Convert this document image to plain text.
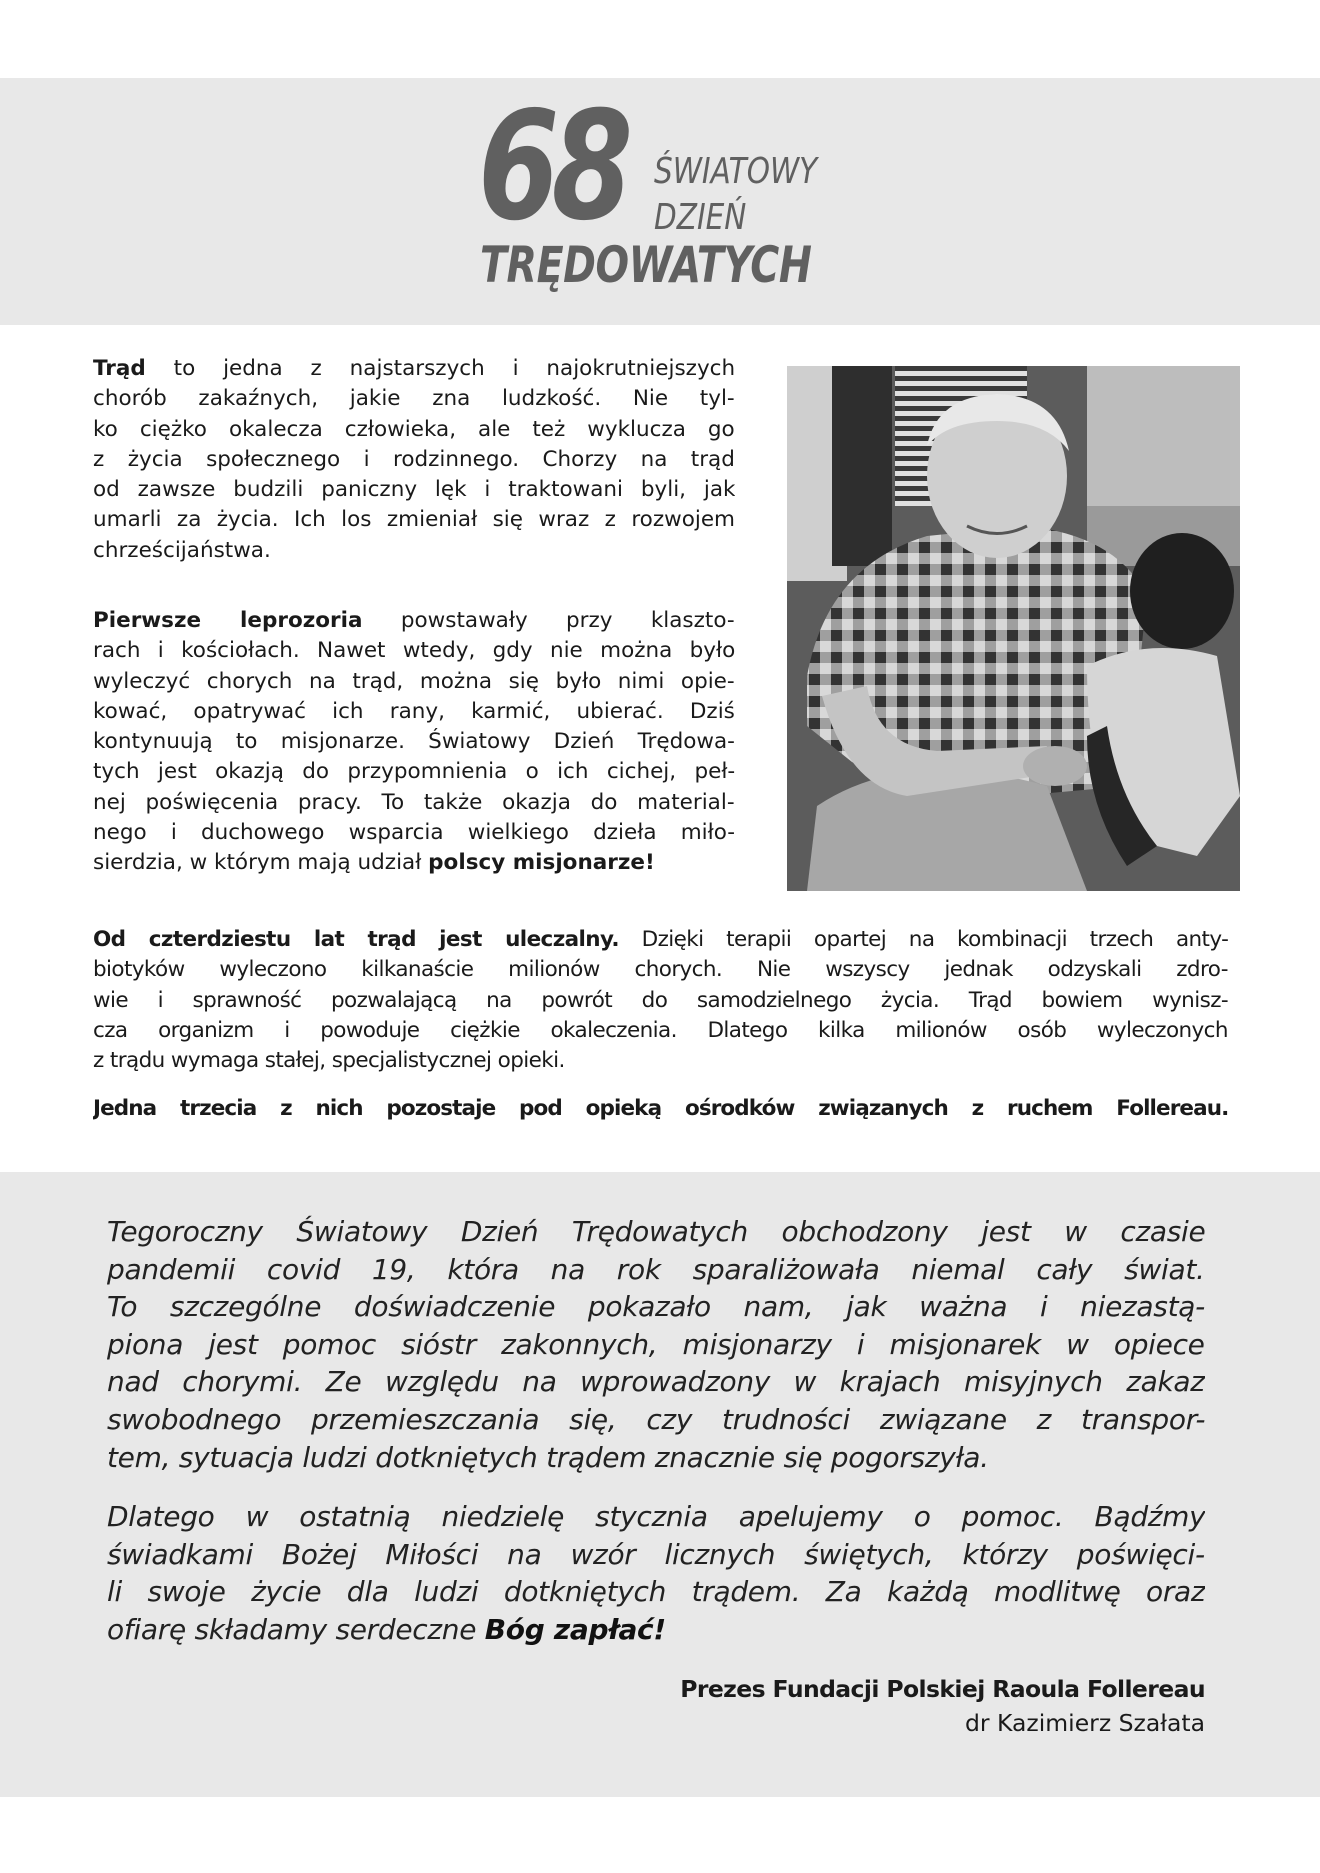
68 ŚWIATOWY
DZIEŃ
TRĘDOWATYCH
Trąd to jedna z najstarszych i najokrutniejszych
chorób zakaźnych, jakie zna ludzkość. Nie tyl-
ko ciężko okalecza człowieka, ale też wyklucza go
z życia społecznego i rodzinnego. Chorzy na trąd
od zawsze budzili paniczny lęk i traktowani byli, jak
umarli za życia. Ich los zmieniał się wraz z rozwojem
chrześcijaństwa.
Pierwsze leprozoria powstawały przy klaszto-
rach i kościołach. Nawet wtedy, gdy nie można było
wyleczyć chorych na trąd, można się było nimi opie-
kować, opatrywać ich rany, karmić, ubierać. Dziś
kontynuują to misjonarze. Światowy Dzień Trędowa-
tych jest okazją do przypomnienia o ich cichej, peł-
nej poświęcenia pracy. To także okazja do material-
nego i duchowego wsparcia wielkiego dzieła miło-
sierdzia, w którym mają udział polscy misjonarze!
Od czterdziestu lat trąd jest uleczalny. Dzięki terapii opartej na kombinacji trzech anty-
biotyków wyleczono kilkanaście milionów chorych. Nie wszyscy jednak odzyskali zdro-
wie i sprawność pozwalającą na powrót do samodzielnego życia. Trąd bowiem wynisz-
cza organizm i powoduje ciężkie okaleczenia. Dlatego kilka milionów osób wyleczonych
z trądu wymaga stałej, specjalistycznej opieki.
Jedna trzecia z nich pozostaje pod opieką ośrodków związanych z ruchem Follereau.
Tegoroczny Światowy Dzień Trędowatych obchodzony jest w czasie
pandemii covid 19, która na rok sparaliżowała niemal cały świat.
To szczególne doświadczenie pokazało nam, jak ważna i niezastą-
piona jest pomoc sióstr zakonnych, misjonarzy i misjonarek w opiece
nad chorymi. Ze względu na wprowadzony w krajach misyjnych zakaz
swobodnego przemieszczania się, czy trudności związane z transpor-
tem, sytuacja ludzi dotkniętych trądem znacznie się pogorszyła.
Dlatego w ostatnią niedzielę stycznia apelujemy o pomoc. Bądźmy
świadkami Bożej Miłości na wzór licznych świętych, którzy poświęci-
li swoje życie dla ludzi dotkniętych trądem. Za każdą modlitwę oraz
ofiarę składamy serdeczne Bóg zapłać!
Prezes Fundacji Polskiej Raoula Follereau
dr Kazimierz Szałata
